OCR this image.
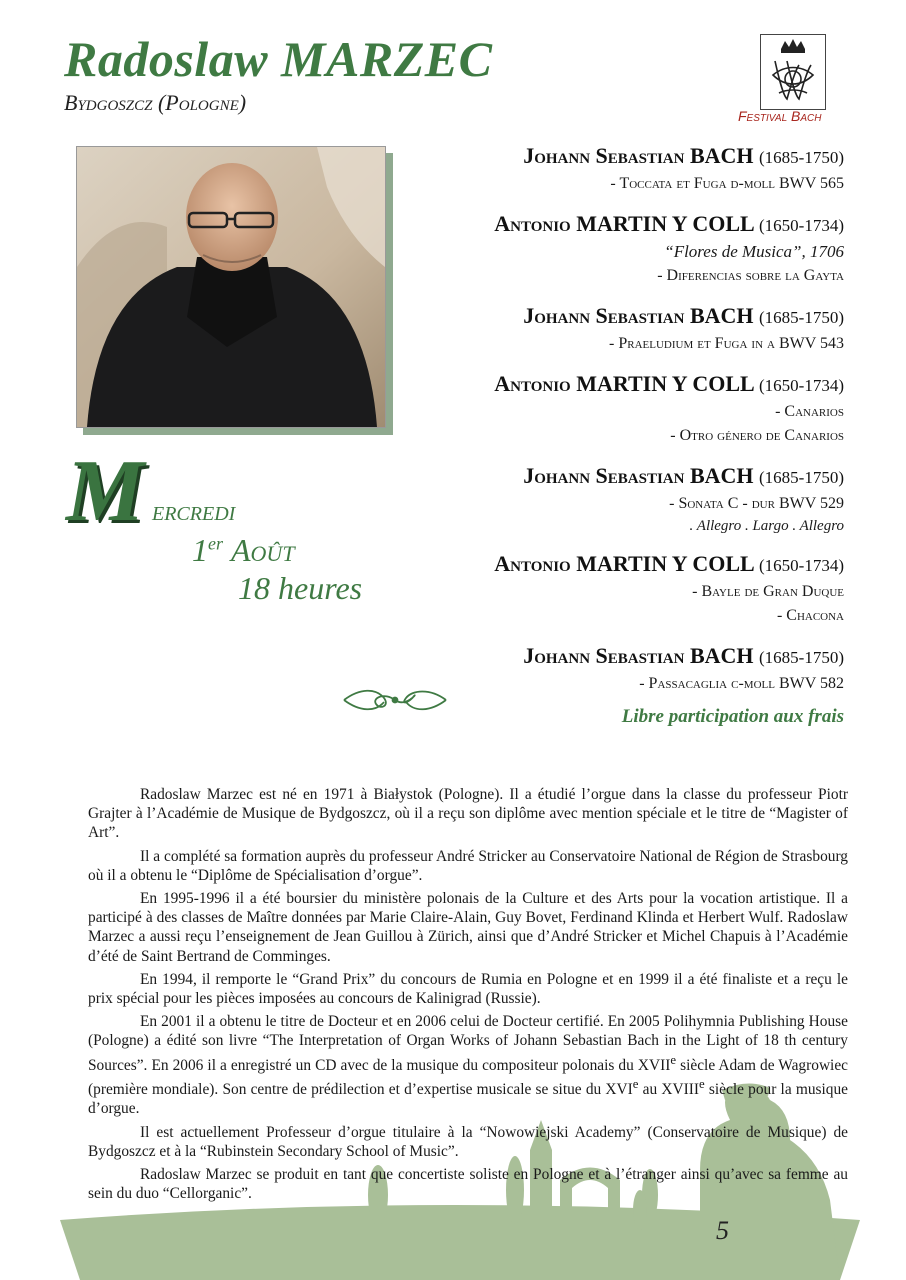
Radoslaw MARZEC
Bydgoszcz (Pologne)
Festival Bach
M ercredi
1er Août
18 heures
Johann Sebastian BACH (1685-1750)
- Toccata et Fuga d-moll BWV 565
Antonio MARTIN Y COLL (1650-1734)
“Flores de Musica”, 1706
- Diferencias sobre la Gayta
Johann Sebastian BACH (1685-1750)
- Praeludium et Fuga in a BWV 543
Antonio MARTIN Y COLL (1650-1734)
- Canarios
- Otro género de Canarios
Johann Sebastian BACH (1685-1750)
- Sonata C - dur BWV 529
. Allegro . Largo . Allegro
Antonio MARTIN Y COLL (1650-1734)
- Bayle de Gran Duque
- Chacona
Johann Sebastian BACH (1685-1750)
- Passacaglia c-moll BWV 582
Libre participation aux frais

Radoslaw Marzec est né en 1971 à Białystok (Pologne). Il a étudié l’orgue dans la classe du professeur Piotr Grajter à l’Académie de Musique de Bydgoszcz, où il a reçu son diplôme avec mention spéciale et le titre de “Magister of Art”.

Il a complété sa formation auprès du professeur André Stricker au Conservatoire National de Région de Strasbourg où il a obtenu le “Diplôme de Spécialisation d’orgue”.

En 1995-1996 il a été boursier du ministère polonais de la Culture et des Arts pour la vocation artistique. Il a participé à des classes de Maître données par Marie Claire-Alain, Guy Bovet, Ferdinand Klinda et Herbert Wulf. Radoslaw Marzec a aussi reçu l’enseignement de Jean Guillou à Zürich, ainsi que d’André Stricker et Michel Chapuis à l’Académie d’été de Saint Bertrand de Comminges.

En 1994, il remporte le “Grand Prix” du concours de Rumia en Pologne et en 1999 il a été finaliste et a reçu le prix spécial pour les pièces imposées au concours de Kalinigrad (Russie).

En 2001 il a obtenu le titre de Docteur et en 2006 celui de Docteur certifié. En 2005 Polihymnia Publishing House (Pologne) a édité son livre “The Interpretation of Organ Works of Johann Sebastian Bach in the Light of 18 th century Sources”. En 2006 il a enregistré un CD avec de la musique du compositeur polonais du XVIIe siècle Adam de Wagrowiec (première mondiale). Son centre de prédilection et d’expertise musicale se situe du XVIe au XVIIIe siècle pour la musique d’orgue.

Il est actuellement Professeur d’orgue titulaire à la “Nowowiejski Academy” (Conservatoire de Musique) de Bydgoszcz et à la “Rubinstein Secondary School of Music”.

Radoslaw Marzec se produit en tant que concertiste soliste en Pologne et à l’étranger ainsi qu’avec sa femme au sein du duo “Cellorganic”.

5
